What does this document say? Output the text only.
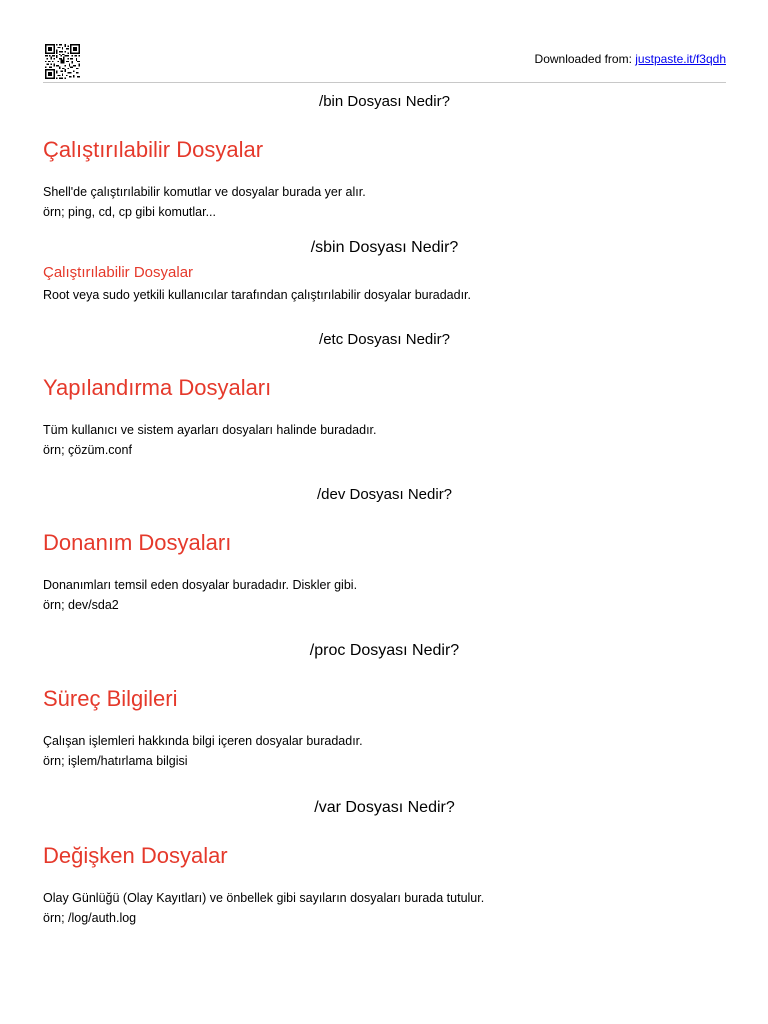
Downloaded from: justpaste.it/f3qdh
/bin Dosyası Nedir?
Çalıştırılabilir Dosyalar

Shell'de çalıştırılabilir komutlar ve dosyalar burada yer alır.

örn; ping, cd, cp gibi komutlar...

/sbin Dosyası Nedir?
Çalıştırılabilir Dosyalar

Root veya sudo yetkili kullanıcılar tarafından çalıştırılabilir dosyalar buradadır.

/etc Dosyası Nedir?
Yapılandırma Dosyaları

Tüm kullanıcı ve sistem ayarları dosyaları halinde buradadır.

örn; çözüm.conf

/dev Dosyası Nedir?
Donanım Dosyaları

Donanımları temsil eden dosyalar buradadır. Diskler gibi.

örn; dev/sda2

/proc Dosyası Nedir?
Süreç Bilgileri

Çalışan işlemleri hakkında bilgi içeren dosyalar buradadır.

örn; işlem/hatırlama bilgisi

/var Dosyası Nedir?
Değişken Dosyalar

Olay Günlüğü (Olay Kayıtları) ve önbellek gibi sayıların dosyaları burada tutulur.

örn; /log/auth.log
